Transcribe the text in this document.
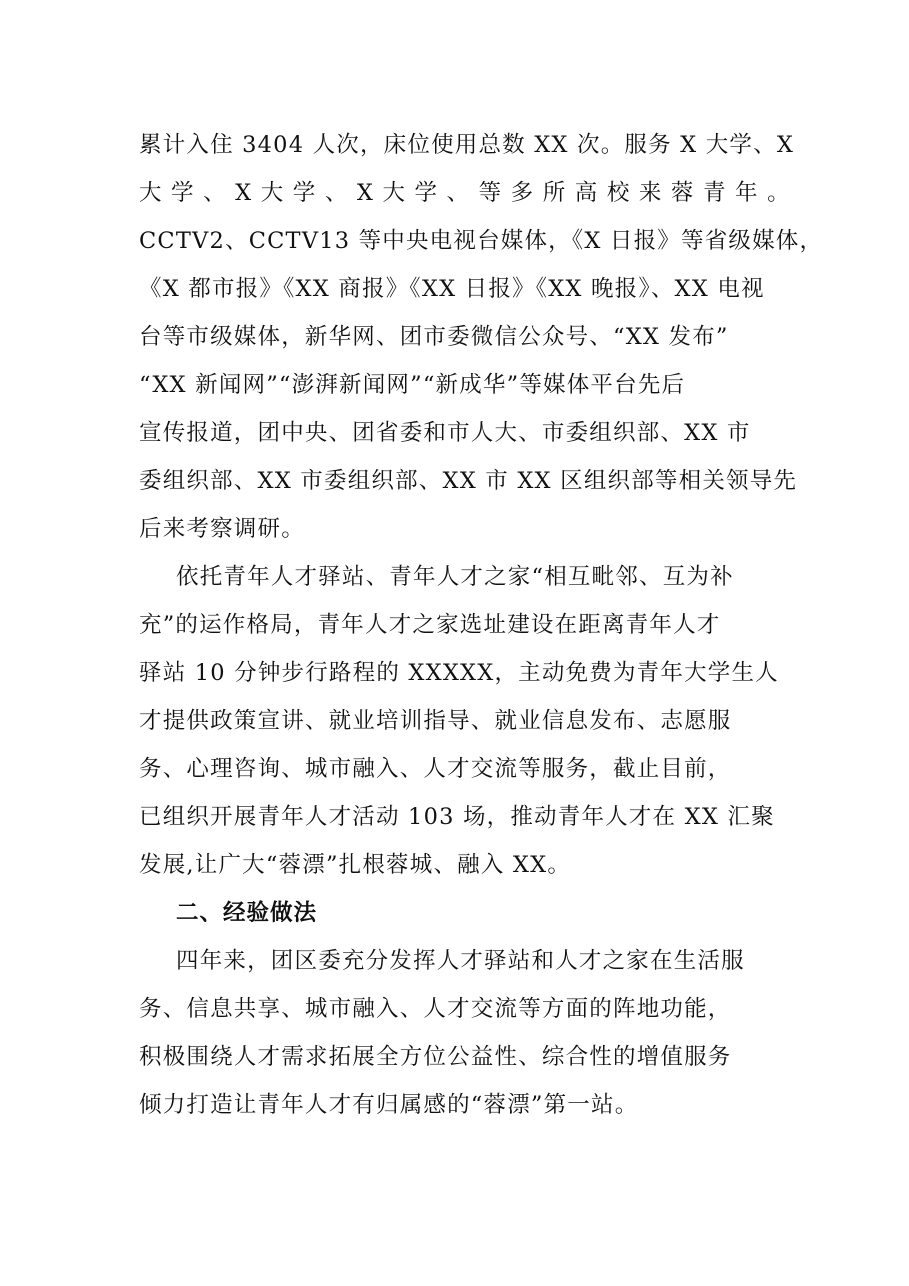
累计入住 3404 人次，床位使用总数 XX 次。服务 X 大学、X
大 学 、 X 大 学 、 X 大 学 、 等 多 所 高 校 来 蓉 青 年 。
CCTV2、CCTV13 等中央电视台媒体，《X 日报》等省级媒体，
《X 都市报》《XX 商报》《XX 日报》《XX 晚报》、XX 电视
台等市级媒体，新华网、团市委微信公众号、“XX 发布”
“XX 新闻网”“澎湃新闻网”“新成华”等媒体平台先后
宣传报道，团中央、团省委和市人大、市委组织部、XX 市
委组织部、XX 市委组织部、XX 市 XX 区组织部等相关领导先
后来考察调研。
依托青年人才驿站、青年人才之家“相互毗邻、互为补
充”的运作格局，青年人才之家选址建设在距离青年人才
驿站 10 分钟步行路程的 XXXXX，主动免费为青年大学生人
才提供政策宣讲、就业培训指导、就业信息发布、志愿服
务、心理咨询、城市融入、人才交流等服务，截止目前，
已组织开展青年人才活动 103 场，推动青年人才在 XX 汇聚
发展,让广大“蓉漂”扎根蓉城、融入 XX。
二、经验做法
四年来，团区委充分发挥人才驿站和人才之家在生活服
务、信息共享、城市融入、人才交流等方面的阵地功能，
积极围绕人才需求拓展全方位公益性、综合性的增值服务
倾力打造让青年人才有归属感的“蓉漂”第一站。
